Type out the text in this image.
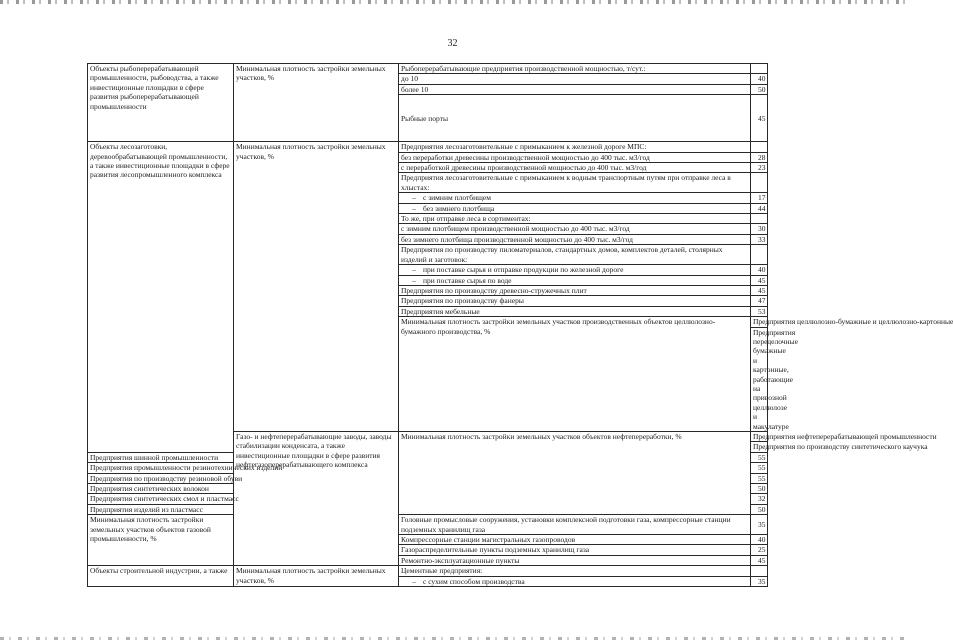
32
Объекты рыбоперерабатывающей промышленности, рыбоводства, а также инвестиционные площадки в сфере развития рыбоперерабатывающей промышленности	Минимальная плотность застройки земельных участков, %	Рыбоперерабатывающие предприятия производственной мощностью, т/сут.:		
		до 10	40	
		более 10	50	
		Рыбные порты	45	
Объекты лесозаготовки, деревообрабатывающей промышленности, а также инвестиционные площадки в сфере развития лесопромышленного комплекса	Минимальная плотность застройки земельных участков, %	Предприятия лесозаготовительные с примыканием к железной дороге МПС:		
		без переработки древесины производственной мощностью до 400 тыс. м3/год	28	
		с переработкой древесины производственной мощностью до 400 тыс. м3/год	23	
		Предприятия лесозаготовительные с примыканием к водным транспортным путям при отправке леса в хлыстах:		
		– с зимним плотбищем	17	
		– без зимнего плотбища	44	
		То же, при отправке леса в сортиментах:		
		с зимним плотбищем производственной мощностью до 400 тыс. м3/год	30	
		без зимнего плотбища производственной мощностью до 400 тыс. м3/год	33	
		Предприятия по производству пиломатериалов, стандартных домов, комплектов деталей, столярных изделий и заготовок:		
		– при поставке сырья и отправке продукции по железной дороге	40	
		– при поставке сырья по воде	45	
		Предприятия по производству древесно-стружечных плит	45	
		Предприятия по производству фанеры	47	
		Предприятия мебельные	53	
		Минимальная плотность застройки земельных участков производственных объектов целлюлозно-бумажного производства, %	Предприятия целлюлозно-бумажные и целлюлозно-картонные	
			Предприятия переделочные бумажные и картонные, работающие на привозной целлюлозе и макулатуре	
	Газо- и нефтеперерабатывающие заводы, заводы стабилизации конденсата, а также инвестиционные площадки в сфере развития нефтегазоперерабатывающего комплекса	Минимальная плотность застройки земельных участков объектов нефтепереработки, %	Предприятия нефтеперерабатывающей промышленности	
			Предприятия по производству синтетического каучука	
Предприятия шинной промышленности			55	
Предприятия промышленности резинотехнических изделий			55	
Предприятия по производству резиновой обуви			55	
Предприятия синтетических волокон			50	
Предприятия синтетических смол и пластмасс			32	
Предприятия изделий из пластмасс			50	
Минимальная плотность застройки земельных участков объектов газовой промышленности, %		Головные промысловые сооружения, установки комплексной подготовки газа, компрессорные станции подземных хранилищ газа	35	
		Компрессорные станции магистральных газопроводов	40	
		Газораспределительные пункты подземных хранилищ газа	25	
		Ремонтно-эксплуатационные пункты	45	
Объекты строительной индустрии, а также	Минимальная плотность застройки земельных участков, %	Цементные предприятия:		
		– с сухим способом производства	35	
